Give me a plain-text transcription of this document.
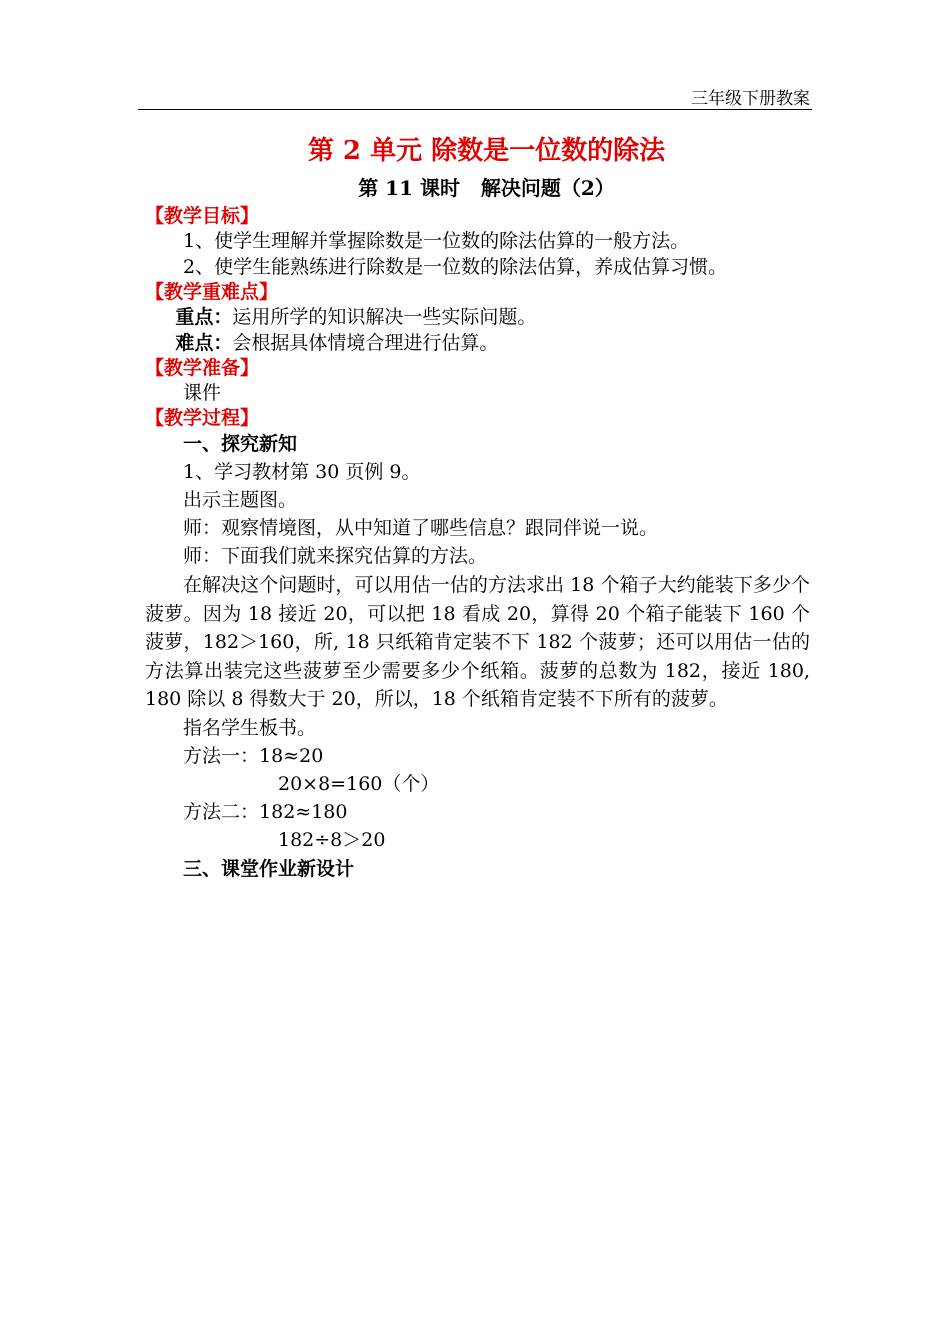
三年级下册教案
第 2 单元 除数是一位数的除法
第 11 课时   解决问题（2）
【教学目标】
1、使学生理解并掌握除数是一位数的除法估算的一般方法。
2、使学生能熟练进行除数是一位数的除法估算，养成估算习惯。
【教学重难点】
重点：运用所学的知识解决一些实际问题。
难点：会根据具体情境合理进行估算。
【教学准备】
课件
【教学过程】
一、探究新知
1、学习教材第 30 页例 9。
出示主题图。
师：观察情境图，从中知道了哪些信息？跟同伴说一说。
师：下面我们就来探究估算的方法。
在解决这个问题时，可以用估一估的方法求出 18 个箱子大约能装下多少个菠萝。因为 18 接近 20，可以把 18 看成 20，算得 20 个箱子能装下 160 个菠萝，182＞160，所, 18 只纸箱肯定装不下 182 个菠萝；还可以用估一估的方法算出装完这些菠萝至少需要多少个纸箱。菠萝的总数为 182，接近 180, 180 除以 8 得数大于 20，所以，18 个纸箱肯定装不下所有的菠萝。
指名学生板书。
方法一：18≈20
20×8=160（个）
方法二：182≈180
182÷8＞20
三、课堂作业新设计
